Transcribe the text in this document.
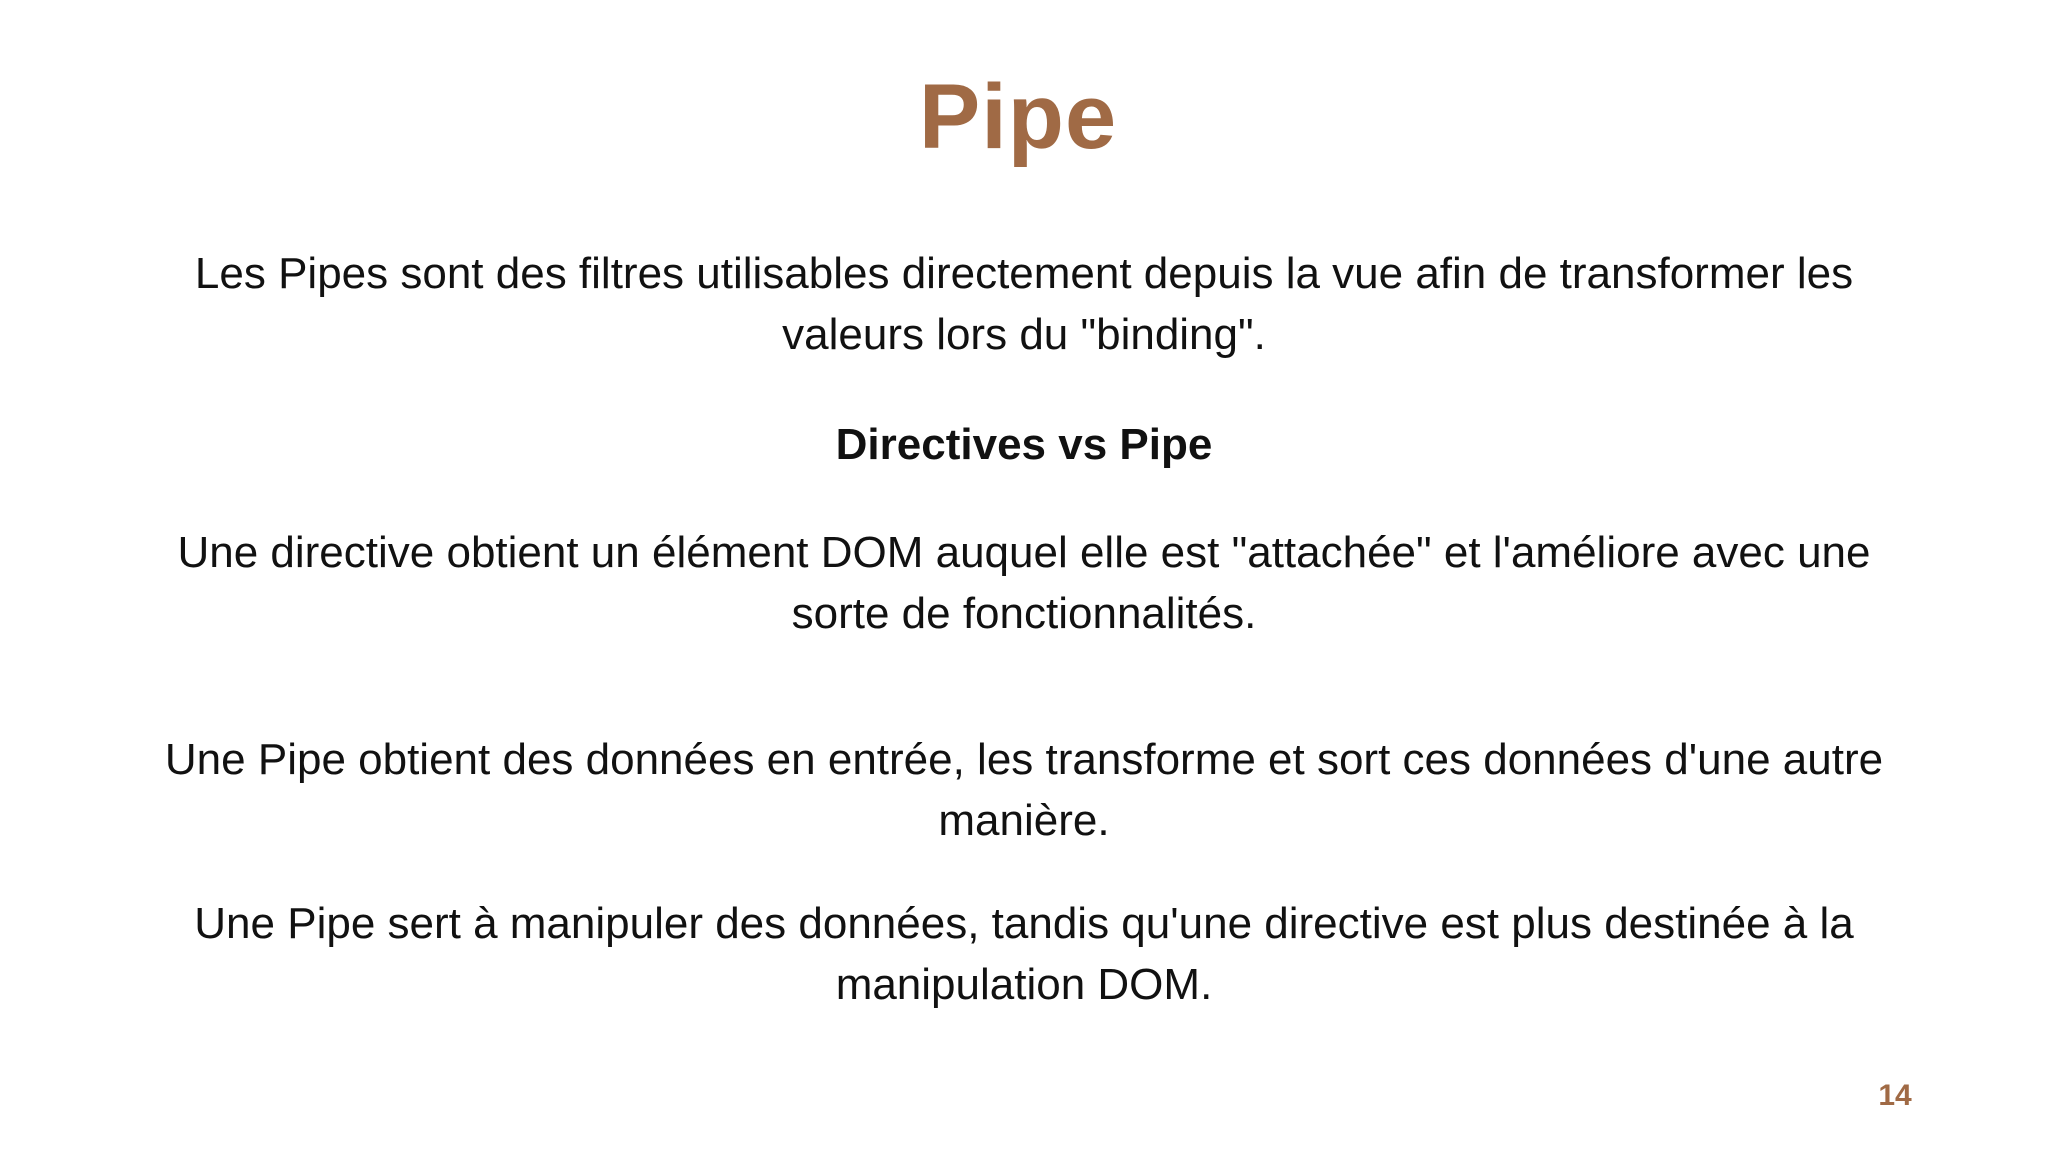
Pipe
Les Pipes sont des filtres utilisables directement depuis la vue afin de transformer les
valeurs lors du "binding".
Directives vs Pipe
Une directive obtient un élément DOM auquel elle est "attachée" et l'améliore avec une
sorte de fonctionnalités.
Une Pipe obtient des données en entrée, les transforme et sort ces données d'une autre
manière.
Une Pipe sert à manipuler des données, tandis qu'une directive est plus destinée à la
manipulation DOM.
14
